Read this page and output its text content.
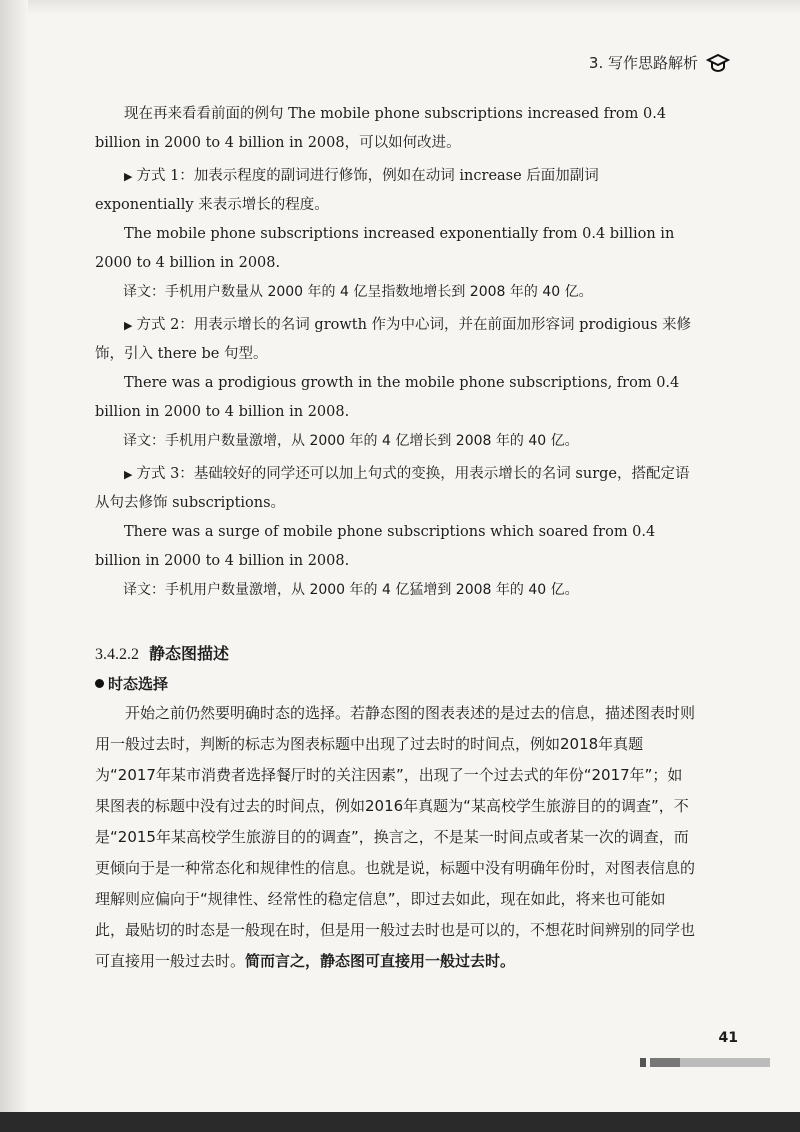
3. 写作思路解析

现在再来看看前面的例句 The mobile phone subscriptions increased from 0.4 billion in 2000 to 4 billion in 2008，可以如何改进。

▶ 方式 1：加表示程度的副词进行修饰，例如在动词 increase 后面加副词 exponentially 来表示增长的程度。

The mobile phone subscriptions increased exponentially from 0.4 billion in 2000 to 4 billion in 2008.

译文：手机用户数量从 2000 年的 4 亿呈指数地增长到 2008 年的 40 亿。

▶ 方式 2：用表示增长的名词 growth 作为中心词，并在前面加形容词 prodigious 来修饰，引入 there be 句型。

There was a prodigious growth in the mobile phone subscriptions, from 0.4 billion in 2000 to 4 billion in 2008.

译文：手机用户数量激增，从 2000 年的 4 亿增长到 2008 年的 40 亿。

▶ 方式 3：基础较好的同学还可以加上句式的变换，用表示增长的名词 surge，搭配定语从句去修饰 subscriptions。

There was a surge of mobile phone subscriptions which soared from 0.4 billion in 2000 to 4 billion in 2008.

译文：手机用户数量激增，从 2000 年的 4 亿猛增到 2008 年的 40 亿。

3.4.2.2 静态图描述
时态选择

开始之前仍然要明确时态的选择。若静态图的图表表述的是过去的信息，描述图表时则用一般过去时，判断的标志为图表标题中出现了过去时的时间点，例如2018年真题为“2017年某市消费者选择餐厅时的关注因素”，出现了一个过去式的年份“2017年”；如果图表的标题中没有过去的时间点，例如2016年真题为“某高校学生旅游目的的调查”，不是“2015年某高校学生旅游目的的调查”，换言之，不是某一时间点或者某一次的调查，而更倾向于是一种常态化和规律性的信息。也就是说，标题中没有明确年份时，对图表信息的理解则应偏向于“规律性、经常性的稳定信息”，即过去如此，现在如此，将来也可能如此，最贴切的时态是一般现在时，但是用一般过去时也是可以的，不想花时间辨别的同学也可直接用一般过去时。简而言之，静态图可直接用一般过去时。

41
